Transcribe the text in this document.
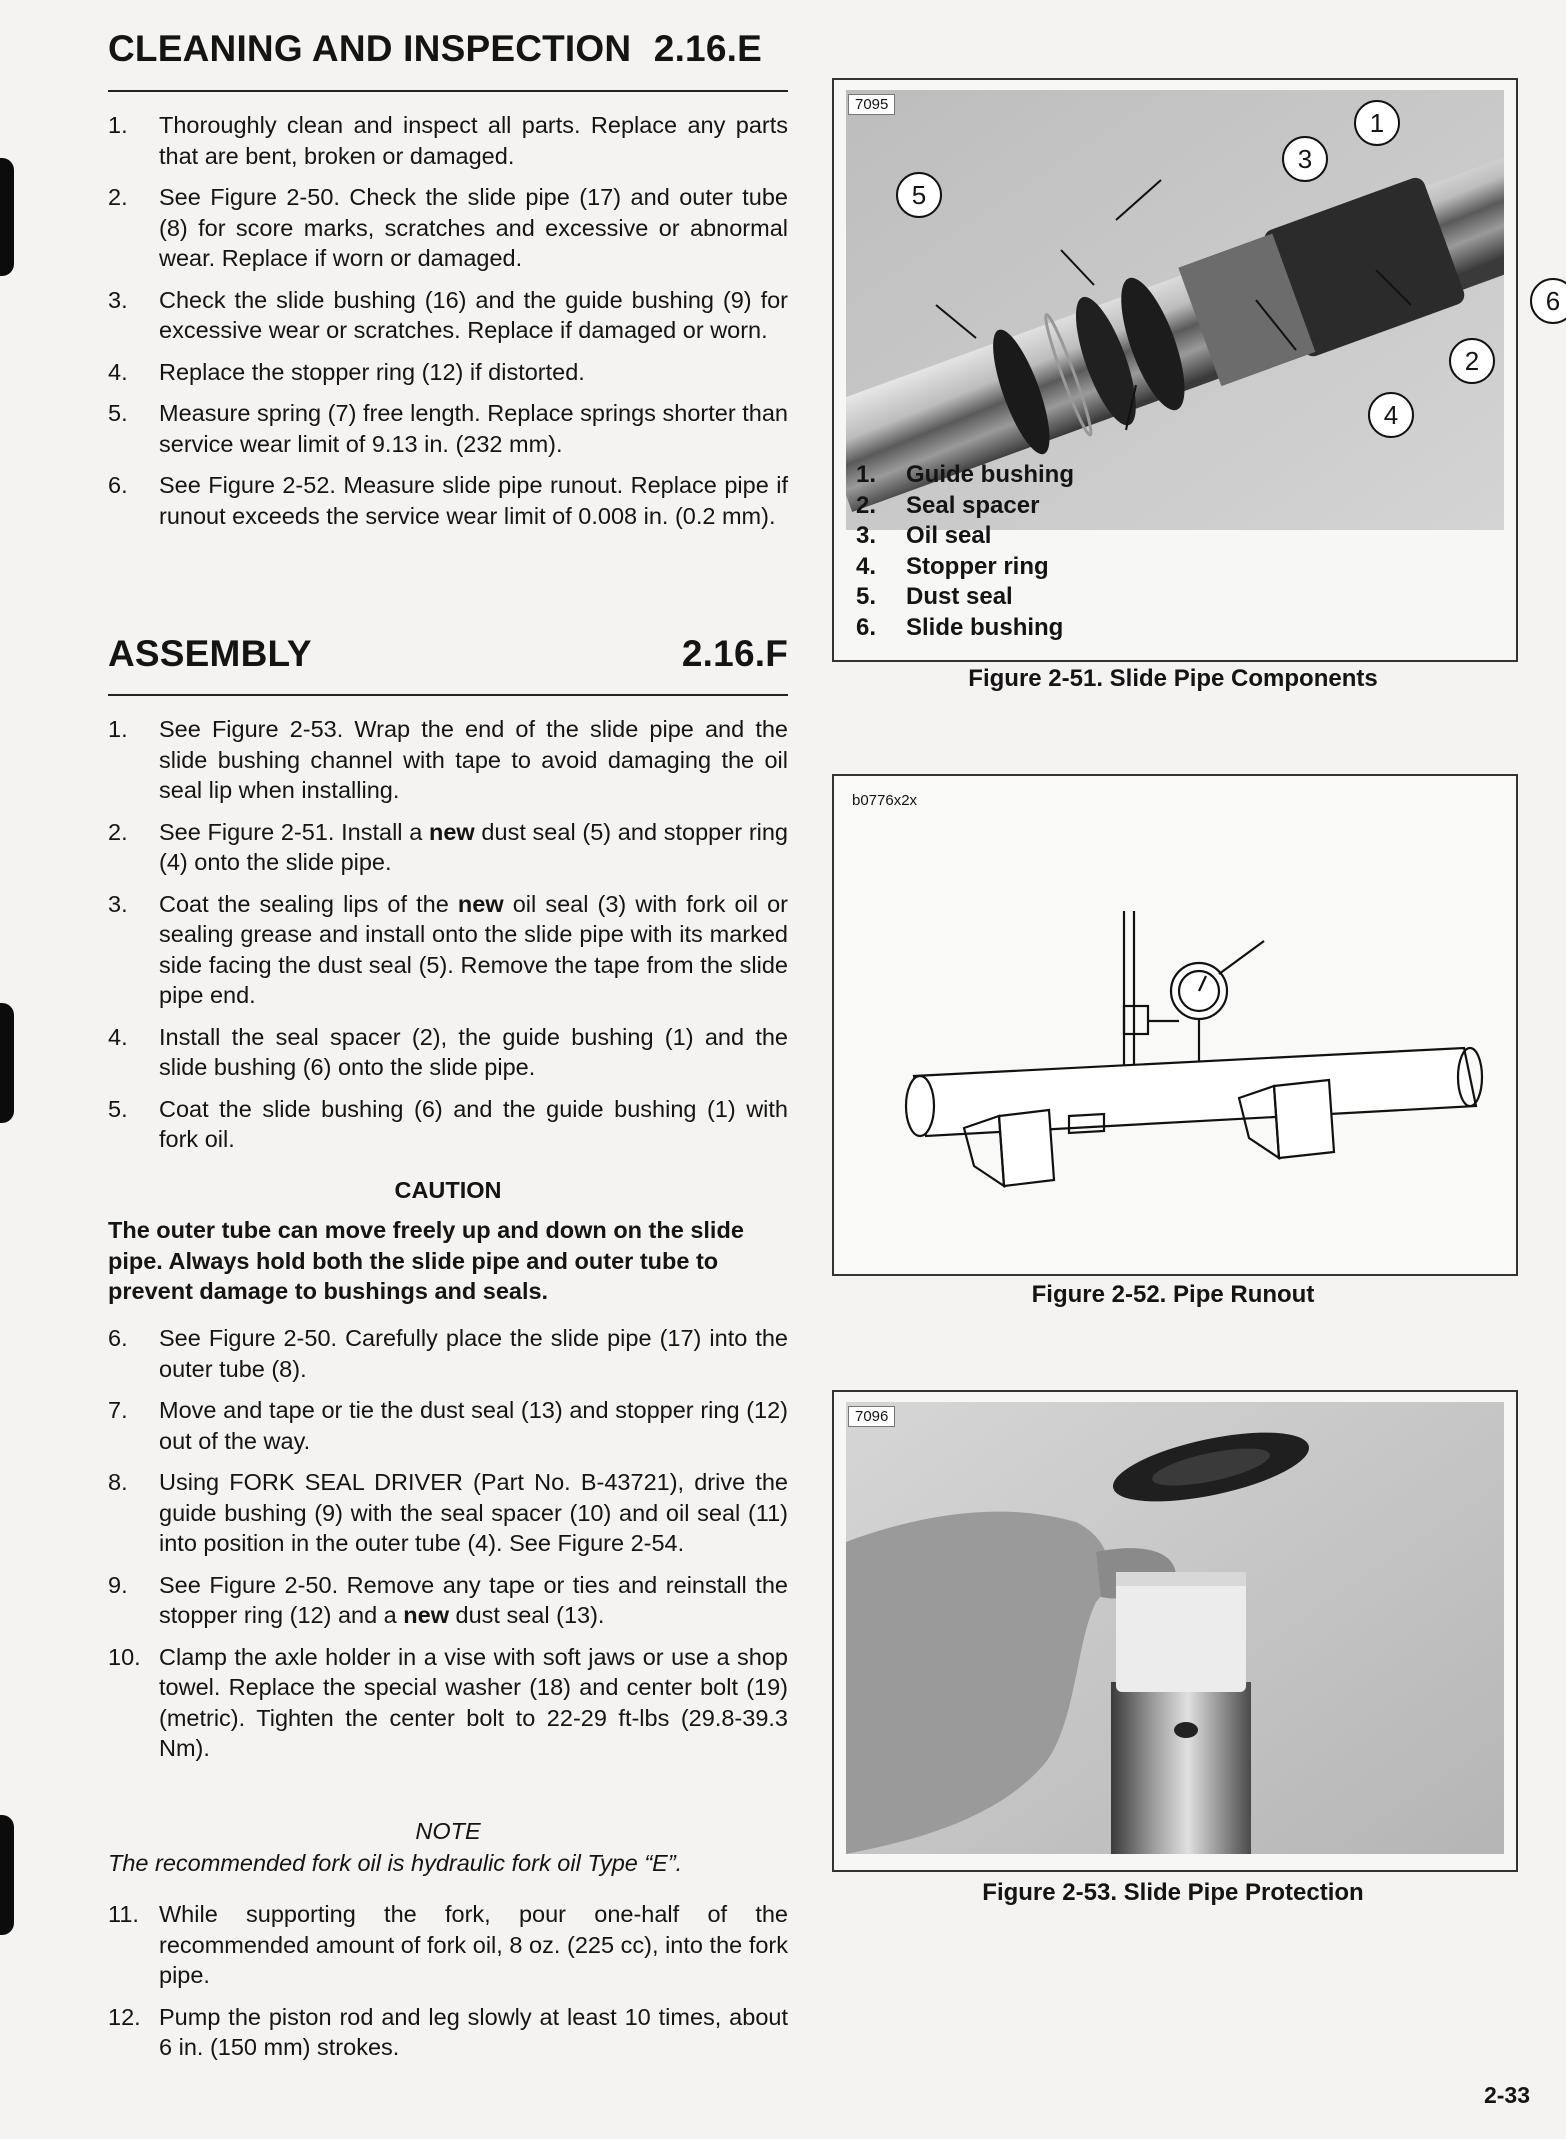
CLEANING AND INSPECTION 2.16.E
1. Thoroughly clean and inspect all parts. Replace any parts that are bent, broken or damaged.
2. See Figure 2-50. Check the slide pipe (17) and outer tube (8) for score marks, scratches and excessive or abnormal wear. Replace if worn or damaged.
3. Check the slide bushing (16) and the guide bushing (9) for excessive wear or scratches. Replace if damaged or worn.
4. Replace the stopper ring (12) if distorted.
5. Measure spring (7) free length. Replace springs shorter than service wear limit of 9.13 in. (232 mm).
6. See Figure 2-52. Measure slide pipe runout. Replace pipe if runout exceeds the service wear limit of 0.008 in. (0.2 mm).
ASSEMBLY	2.16.F
1. See Figure 2-53. Wrap the end of the slide pipe and the slide bushing channel with tape to avoid damaging the oil seal lip when installing.
2. See Figure 2-51. Install a new dust seal (5) and stopper ring (4) onto the slide pipe.
3. Coat the sealing lips of the new oil seal (3) with fork oil or sealing grease and install onto the slide pipe with its marked side facing the dust seal (5). Remove the tape from the slide pipe end.
4. Install the seal spacer (2), the guide bushing (1) and the slide bushing (6) onto the slide pipe.
5. Coat the slide bushing (6) and the guide bushing (1) with fork oil.
CAUTION
The outer tube can move freely up and down on the slide pipe. Always hold both the slide pipe and outer tube to prevent damage to bushings and seals.
6. See Figure 2-50. Carefully place the slide pipe (17) into the outer tube (8).
7. Move and tape or tie the dust seal (13) and stopper ring (12) out of the way.
8. Using FORK SEAL DRIVER (Part No. B-43721), drive the guide bushing (9) with the seal spacer (10) and oil seal (11) into position in the outer tube (4). See Figure 2-54.
9. See Figure 2-50. Remove any tape or ties and reinstall the stopper ring (12) and a new dust seal (13).
10. Clamp the axle holder in a vise with soft jaws or use a shop towel. Replace the special washer (18) and center bolt (19) (metric). Tighten the center bolt to 22-29 ft-lbs (29.8-39.3 Nm).
NOTE
The recommended fork oil is hydraulic fork oil Type “E”.
11. While supporting the fork, pour one-half of the recommended amount of fork oil, 8 oz. (225 cc), into the fork pipe.
12. Pump the piston rod and leg slowly at least 10 times, about 6 in. (150 mm) strokes.
7095
1
3
5
6
2
4
1.	Guide bushing
2.	Seal spacer
3.	Oil seal
4.	Stopper ring
5.	Dust seal
6.	Slide bushing
Figure 2-51. Slide Pipe Components
b0776x2x
Figure 2-52. Pipe Runout
7096
Figure 2-53. Slide Pipe Protection
2-33
